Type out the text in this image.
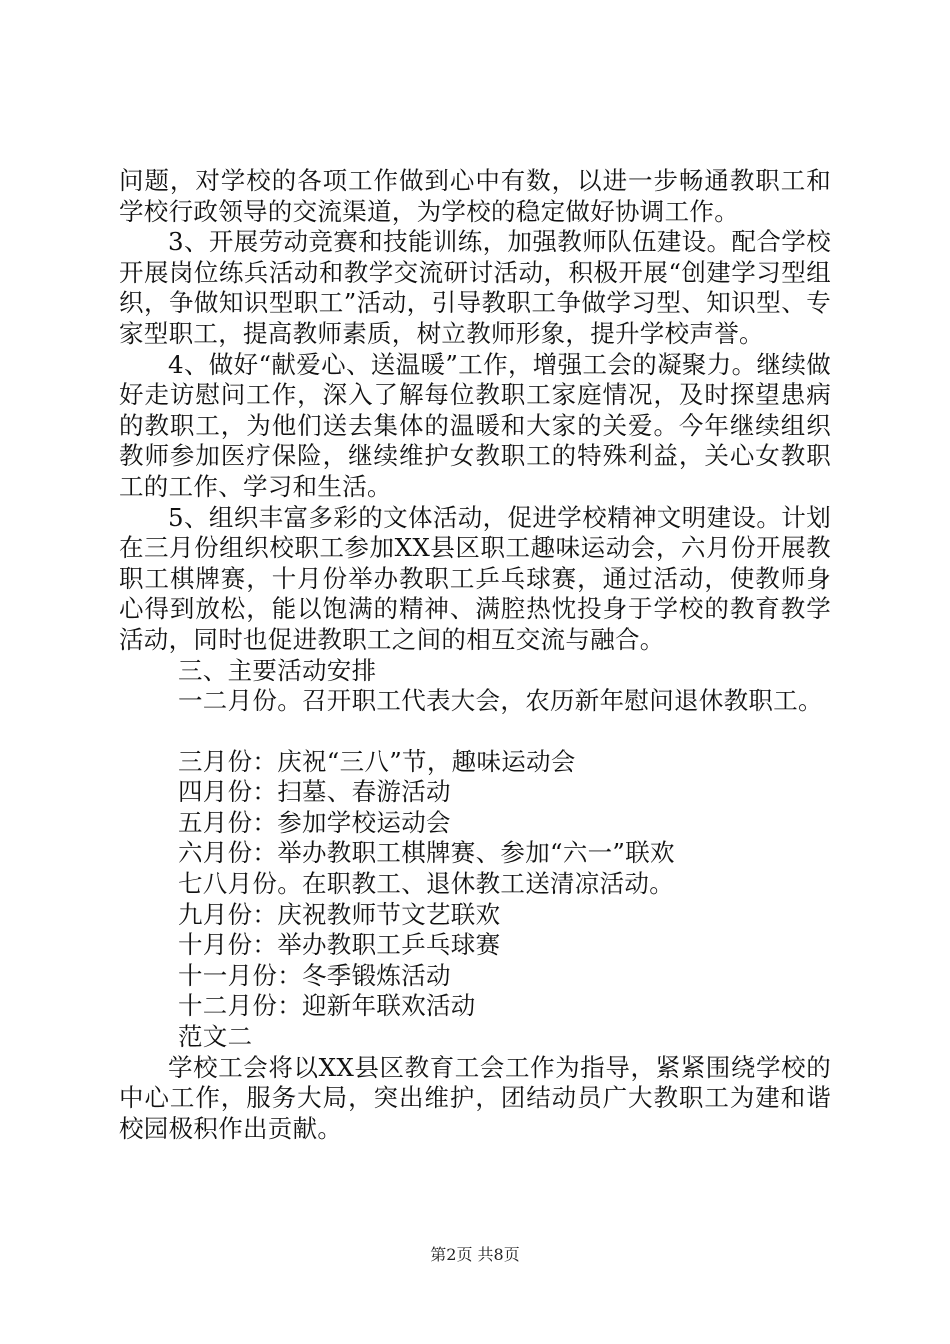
问题，对学校的各项工作做到心中有数，以进一步畅通教职工和学校行政领导的交流渠道，为学校的稳定做好协调工作。

3、开展劳动竞赛和技能训练，加强教师队伍建设。配合学校开展岗位练兵活动和教学交流研讨活动，积极开展“创建学习型组织，争做知识型职工”活动，引导教职工争做学习型、知识型、专家型职工，提高教师素质，树立教师形象，提升学校声誉。

4、做好“献爱心、送温暖”工作，增强工会的凝聚力。继续做好走访慰问工作，深入了解每位教职工家庭情况，及时探望患病的教职工，为他们送去集体的温暖和大家的关爱。今年继续组织教师参加医疗保险，继续维护女教职工的特殊利益，关心女教职工的工作、学习和生活。

5、组织丰富多彩的文体活动，促进学校精神文明建设。计划在三月份组织校职工参加XX县区职工趣味运动会，六月份开展教职工棋牌赛，十月份举办教职工乒乓球赛，通过活动，使教师身心得到放松，能以饱满的精神、满腔热忱投身于学校的教育教学活动，同时也促进教职工之间的相互交流与融合。

三、主要活动安排

一二月份。召开职工代表大会，农历新年慰问退休教职工。

三月份：庆祝“三八”节，趣味运动会

四月份：扫墓、春游活动

五月份：参加学校运动会

六月份：举办教职工棋牌赛、参加“六一”联欢

七八月份。在职教工、退休教工送清凉活动。

九月份：庆祝教师节文艺联欢

十月份：举办教职工乒乓球赛

十一月份：冬季锻炼活动

十二月份：迎新年联欢活动

范文二

学校工会将以XX县区教育工会工作为指导，紧紧围绕学校的中心工作，服务大局，突出维护，团结动员广大教职工为建和谐校园极积作出贡献。

第2页 共8页
